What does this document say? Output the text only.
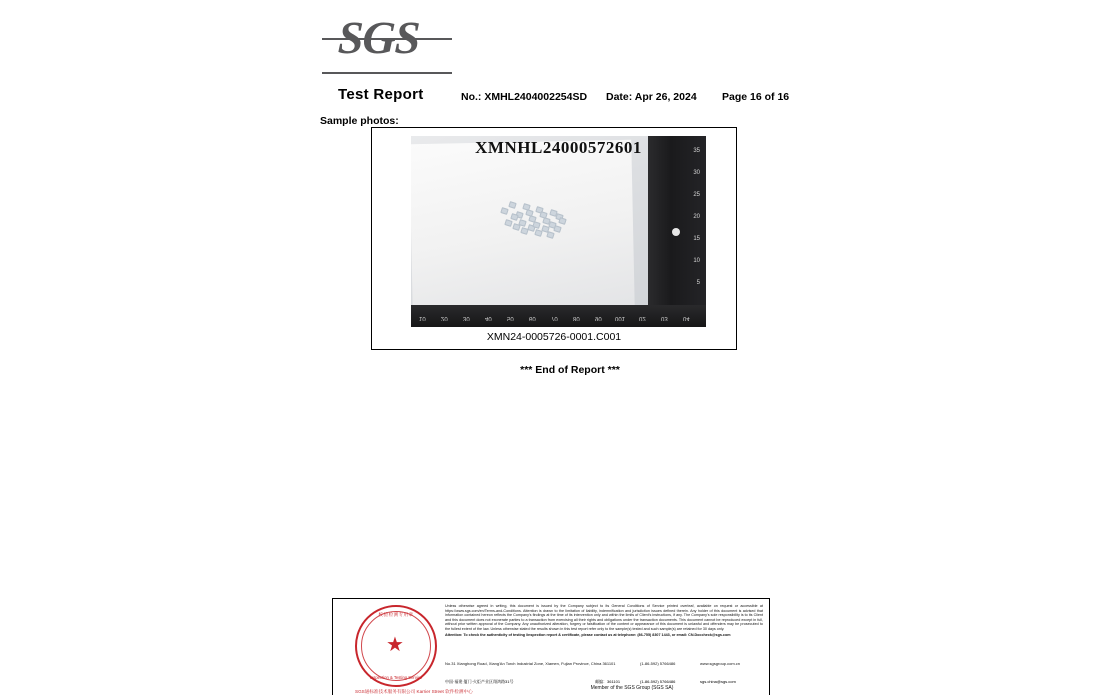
SGS
Test Report	No.: XMHL2404002254SD Date: Apr 26, 2024 Page 16 of 16
Sample photos:
35
30
25
20
15
10
5
10	20	30	40	50	60	70	80	90 001 02	03	04
XMNHL24000572601
XMN24-0005726-0001.C001
*** End of Report ***
校验检测专用章
Inspection & Testing Service
SGS通标准技术服务有限公司 Karrier Street 软件检测中心

Unless otherwise agreed in writing, this document is issued by the Company subject to its General Conditions of Service printed overleaf, available on request or accessible at https://www.sgs.com/en/Terms-and-Conditions. Attention is drawn to the limitation of liability, indemnification and jurisdiction issues defined therein. Any holder of this document is advised that information contained hereon reflects the Company's findings at the time of its intervention only and within the limits of Client's instructions, if any. The Company's sole responsibility is to its Client and this document does not exonerate parties to a transaction from exercising all their rights and obligations under the transaction documents. This document cannot be reproduced except in full, without prior written approval of the Company. Any unauthorized alteration, forgery or falsification of the content or appearance of this document is unlawful and offenders may be prosecuted to the fullest extent of the law. Unless otherwise stated the results shown in this test report refer only to the sample(s) tested and such sample(s) are retained for 30 days only.

Attention: To check the authenticity of testing /inspection report & certificate, please contact us at telephone: (86-755) 8307 1443, or email: CN.Doccheck@sgs.com

No.31 Xianghong Road, Xiang'An Torch Industrial Zone, Xiamen, Fujian Province, China 361101	(1-86-592) 5766486	www.sgsgroup.com.cn
中国·福建·厦门·火炬产业区翔鸿路31号	邮编：361101	(1-86-592) 5766486	sgs.china@sgs.com
Member of the SGS Group (SGS SA)
